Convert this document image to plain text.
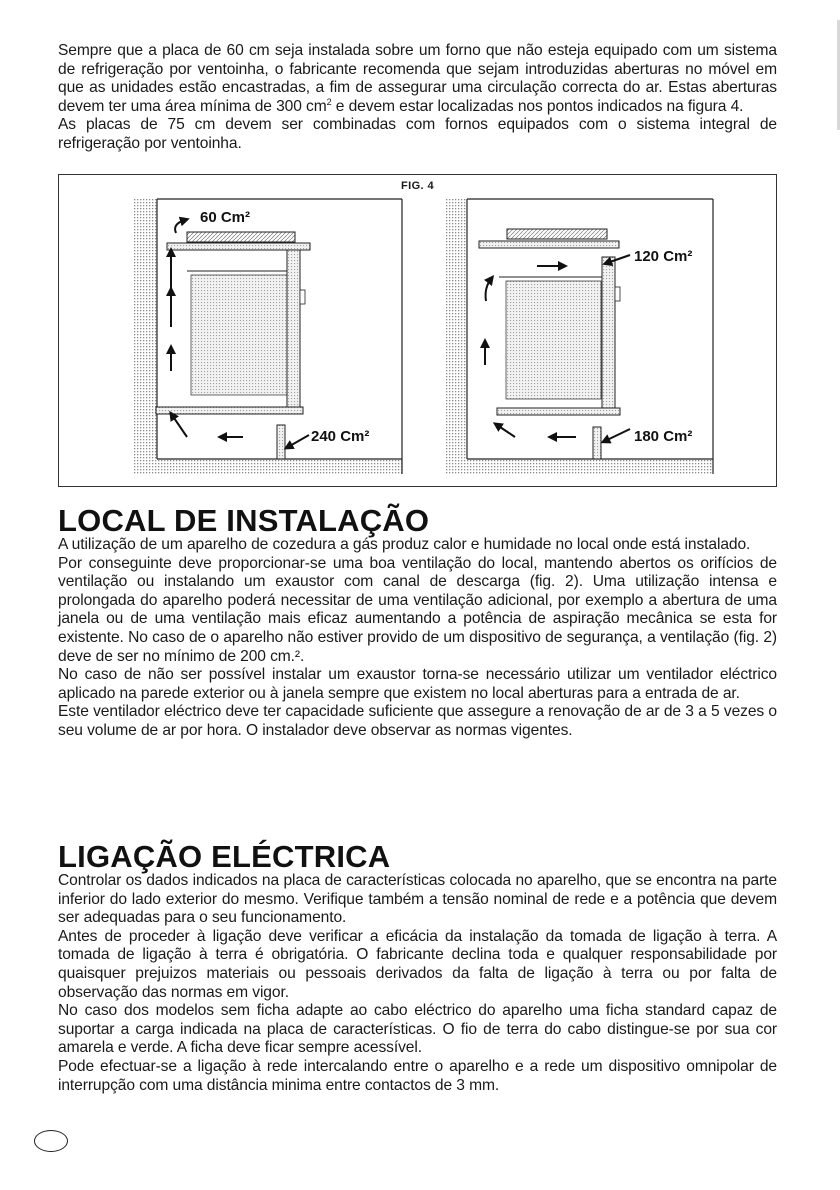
Sempre que a placa de 60 cm seja instalada sobre um forno que não esteja equipado com um sistema de refrigeração por ventoinha, o fabricante recomenda que sejam introduzidas aberturas no móvel em que as unidades estão encastradas, a fim de assegurar uma circulação correcta do ar. Estas aberturas devem ter uma área mínima de 300 $cm^2$ e devem estar localizadas nos pontos indicados na figura 4.

As placas de 75 cm devem ser combinadas com fornos equipados com o sistema integral de refrigeração por ventoinha.

FIG. 4
60 Cm²
240 Cm²
120 Cm²
180 Cm²
LOCAL DE INSTALAÇÃO

A utilização de um aparelho de cozedura a gás produz calor e humidade no local onde está instalado.

Por conseguinte deve proporcionar-se uma boa ventilação do local, mantendo abertos os orifícios de ventilação ou instalando um exaustor com canal de descarga (fig. 2). Uma utilização intensa e prolongada do aparelho poderá necessitar de uma ventilação adicional, por exemplo a abertura de uma janela ou de uma ventilação mais eficaz aumentando a potência de aspiração mecânica se esta for existente. No caso de o aparelho não estiver provido de um dispositivo de segurança, a ventilação (fig. 2) deve de ser no mínimo de 200 cm.².

No caso de não ser possível instalar um exaustor torna-se necessário utilizar um ventilador eléctrico aplicado na parede exterior ou à janela sempre que existem no local aberturas para a entrada de ar.

Este ventilador eléctrico deve ter capacidade suficiente que assegure a renovação de ar de 3 a 5 vezes o seu volume de ar por hora. O instalador deve observar as normas vigentes.

LIGAÇÃO ELÉCTRICA

Controlar os dados indicados na placa de características colocada no aparelho, que se encontra na parte inferior do lado exterior do mesmo. Verifique também a tensão nominal de rede e a potência que devem ser adequadas para o seu funcionamento.

Antes de proceder à ligação deve verificar a eficácia da instalação da tomada de ligação à terra. A tomada de ligação à terra é obrigatória. O fabricante declina toda e qualquer responsabilidade por quaisquer prejuizos materiais ou pessoais derivados da falta de ligação à terra ou por falta de observação das normas em vigor.

No caso dos modelos sem ficha adapte ao cabo eléctrico do aparelho uma ficha standard capaz de suportar a carga indicada na placa de características. O fio de terra do cabo distingue-se por sua cor amarela e verde. A ficha deve ficar sempre acessível.

Pode efectuar-se a ligação à rede intercalando entre o aparelho e a rede um dispositivo omnipolar de interrupção com uma distância minima entre contactos de 3 mm.
